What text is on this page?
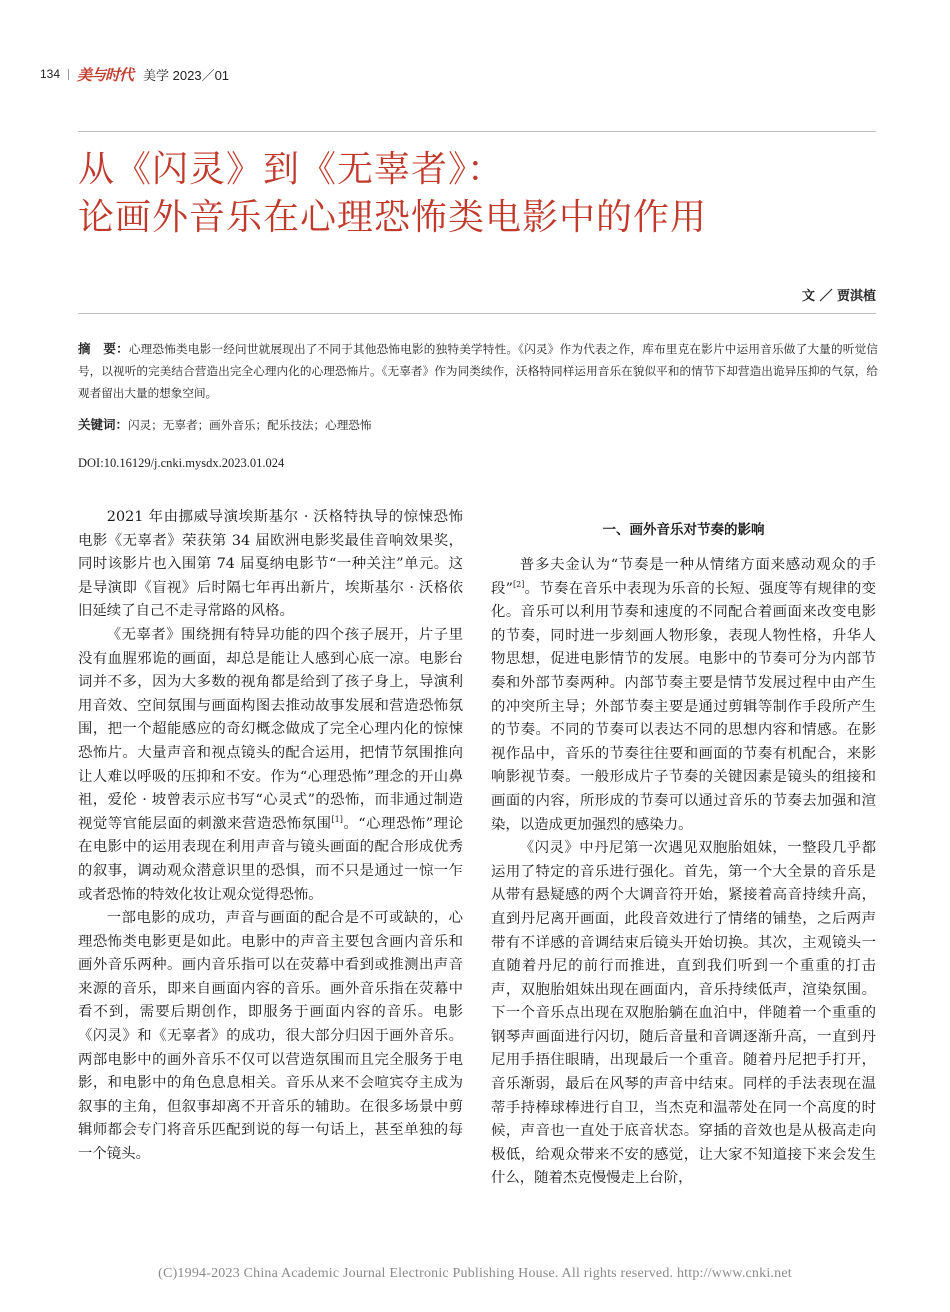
134 美与时代 美学 2023／01
从《闪灵》到《无辜者》：
论画外音乐在心理恐怖类电影中的作用
文 ／ 贾淇植
摘　要：心理恐怖类电影一经问世就展现出了不同于其他恐怖电影的独特美学特性。《闪灵》作为代表之作，库布里克在影片中运用音乐做了大量的听觉信号，以视听的完美结合营造出完全心理内化的心理恐怖片。《无辜者》作为同类续作，沃格特同样运用音乐在貌似平和的情节下却营造出诡异压抑的气氛，给观者留出大量的想象空间。
关键词：闪灵；无辜者；画外音乐；配乐技法；心理恐怖
DOI:10.16129/j.cnki.mysdx.2023.01.024

2021 年由挪威导演埃斯基尔 · 沃格特执导的惊悚恐怖电影《无辜者》荣获第 34 届欧洲电影奖最佳音响效果奖，同时该影片也入围第 74 届戛纳电影节“一种关注”单元。这是导演即《盲视》后时隔七年再出新片，埃斯基尔 · 沃格依旧延续了自己不走寻常路的风格。

《无辜者》围绕拥有特异功能的四个孩子展开，片子里没有血腥邪诡的画面，却总是能让人感到心底一凉。电影台词并不多，因为大多数的视角都是给到了孩子身上，导演利用音效、空间氛围与画面构图去推动故事发展和营造恐怖氛围，把一个超能感应的奇幻概念做成了完全心理内化的惊悚恐怖片。大量声音和视点镜头的配合运用，把情节氛围推向让人难以呼吸的压抑和不安。作为“心理恐怖”理念的开山鼻祖，爱伦 · 坡曾表示应书写“心灵式”的恐怖，而非通过制造视觉等官能层面的刺激来营造恐怖氛围[1]。“心理恐怖”理论在电影中的运用表现在利用声音与镜头画面的配合形成优秀的叙事，调动观众潜意识里的恐惧，而不只是通过一惊一乍或者恐怖的特效化妆让观众觉得恐怖。

一部电影的成功，声音与画面的配合是不可或缺的，心理恐怖类电影更是如此。电影中的声音主要包含画内音乐和画外音乐两种。画内音乐指可以在荧幕中看到或推测出声音来源的音乐，即来自画面内容的音乐。画外音乐指在荧幕中看不到，需要后期创作，即服务于画面内容的音乐。电影《闪灵》和《无辜者》的成功，很大部分归因于画外音乐。两部电影中的画外音乐不仅可以营造氛围而且完全服务于电影，和电影中的角色息息相关。音乐从来不会喧宾夺主成为叙事的主角，但叙事却离不开音乐的辅助。在很多场景中剪辑师都会专门将音乐匹配到说的每一句话上，甚至单独的每一个镜头。

一、画外音乐对节奏的影响

普多夫金认为“节奏是一种从情绪方面来感动观众的手段”[2]。节奏在音乐中表现为乐音的长短、强度等有规律的变化。音乐可以利用节奏和速度的不同配合着画面来改变电影的节奏，同时进一步刻画人物形象，表现人物性格，升华人物思想，促进电影情节的发展。电影中的节奏可分为内部节奏和外部节奏两种。内部节奏主要是情节发展过程中由产生的冲突所主导；外部节奏主要是通过剪辑等制作手段所产生的节奏。不同的节奏可以表达不同的思想内容和情感。在影视作品中，音乐的节奏往往要和画面的节奏有机配合，来影响影视节奏。一般形成片子节奏的关键因素是镜头的组接和画面的内容，所形成的节奏可以通过音乐的节奏去加强和渲染，以造成更加强烈的感染力。

《闪灵》中丹尼第一次遇见双胞胎姐妹，一整段几乎都运用了特定的音乐进行强化。首先，第一个大全景的音乐是从带有悬疑感的两个大调音符开始，紧接着高音持续升高，直到丹尼离开画面，此段音效进行了情绪的铺垫，之后两声带有不详感的音调结束后镜头开始切换。其次，主观镜头一直随着丹尼的前行而推进，直到我们听到一个重重的打击声，双胞胎姐妹出现在画面内，音乐持续低声，渲染氛围。下一个音乐点出现在双胞胎躺在血泊中，伴随着一个重重的钢琴声画面进行闪切，随后音量和音调逐渐升高，一直到丹尼用手捂住眼睛，出现最后一个重音。随着丹尼把手打开，音乐渐弱，最后在风琴的声音中结束。同样的手法表现在温蒂手持棒球棒进行自卫，当杰克和温蒂处在同一个高度的时候，声音也一直处于底音状态。穿插的音效也是从极高走向极低，给观众带来不安的感觉，让大家不知道接下来会发生什么，随着杰克慢慢走上台阶，

(C)1994-2023 China Academic Journal Electronic Publishing House. All rights reserved. http://www.cnki.net
